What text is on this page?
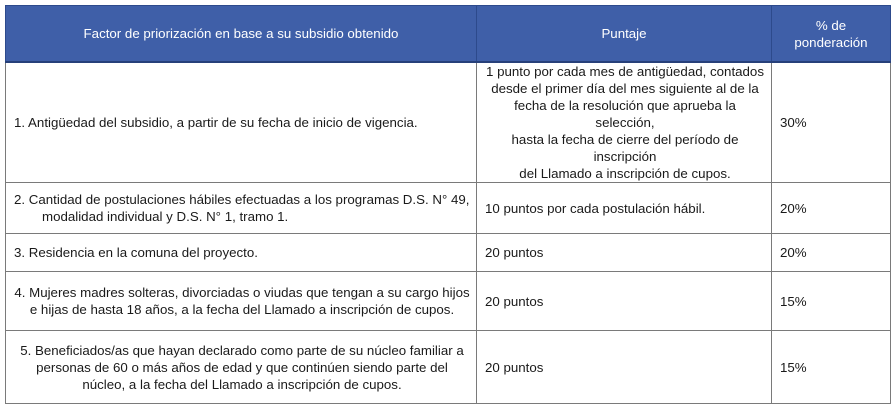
Factor de priorización en base a su subsidio obtenido	Puntaje	% de ponderación

1. Antigüedad del subsidio, a partir de su fecha de inicio de vigencia.	1 punto por cada mes de antigüedad, contados
desde el primer día del mes siguiente al de la
fecha de la resolución que aprueba la selección,
hasta la fecha de cierre del período de inscripción
del Llamado a inscripción de cupos.	30%

2. Cantidad de postulaciones hábiles efectuadas a los programas D.S. N° 49,
modalidad individual y D.S. N° 1, tramo 1.	10 puntos por cada postulación hábil.	20%

3. Residencia en la comuna del proyecto.	20 puntos	20%

4. Mujeres madres solteras, divorciadas o viudas que tengan a su cargo hijos
e hijas de hasta 18 años, a la fecha del Llamado a inscripción de cupos.	20 puntos	15%

5. Beneficiados/as que hayan declarado como parte de su núcleo familiar a
personas de 60 o más años de edad y que continúen siendo parte del
núcleo, a la fecha del Llamado a inscripción de cupos.	20 puntos	15%
